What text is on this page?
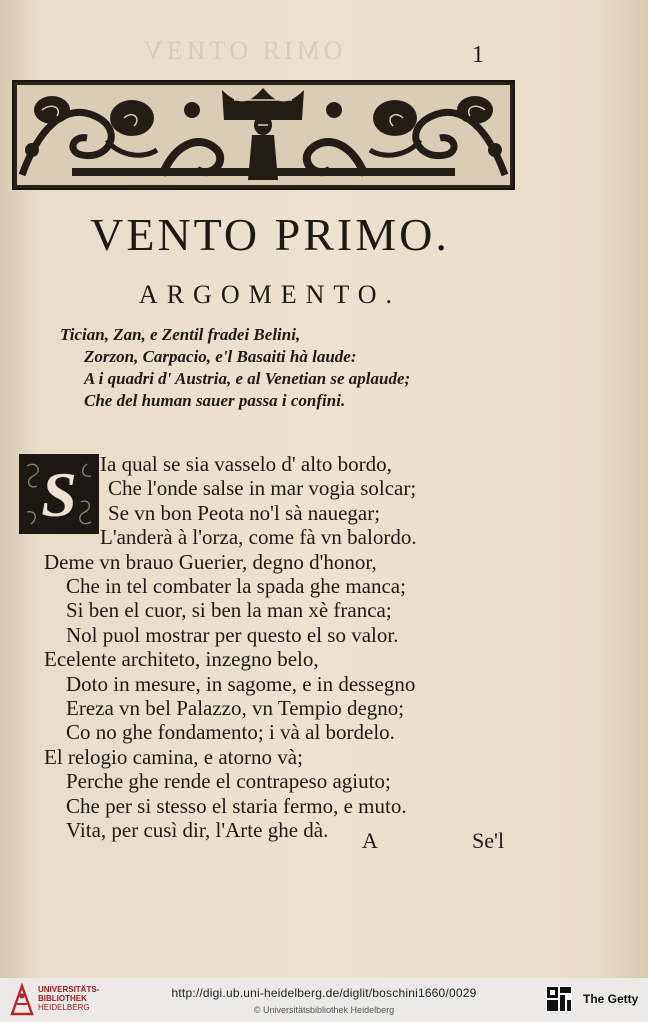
OMIЯ OTИƎV	1
VENTO PRIMO.
ARGOMENTO.
Tician, Zan, e Zentil fradei Belini,
Zorzon, Carpacio, e'l Basaiti hà laude:
A i quadri d' Austria, e al Venetian se aplaude;
Che del human sauer passa i confini.
S	Ia qual se sia vasselo d' alto bordo,
Che l'onde salse in mar vogia solcar;
Se vn bon Peota no'l sà nauegar;
L'anderà à l'orza, come fà vn balordo.
Deme vn brauo Guerier, degno d'honor,
Che in tel combater la spada ghe manca;
Si ben el cuor, si ben la man xè franca;
Nol puol mostrar per questo el so valor.
Ecelente architeto, inzegno belo,
Doto in mesure, in sagome, e in dessegno
Ereza vn bel Palazzo, vn Tempio degno;
Co no ghe fondamento; i và al bordelo.
El relogio camina, e atorno và;
Perche ghe rende el contrapeso agiuto;
Che per si stesso el staria fermo, e muto.
Vita, per cusì dir, l'Arte ghe dà.	A	Se'l
UNIVERSITÄTS-
BIBLIOTHEK
HEIDELBERG
http://digi.ub.uni-heidelberg.de/diglit/boschini1660/0029
© Universitätsbibliothek Heidelberg
The Getty
